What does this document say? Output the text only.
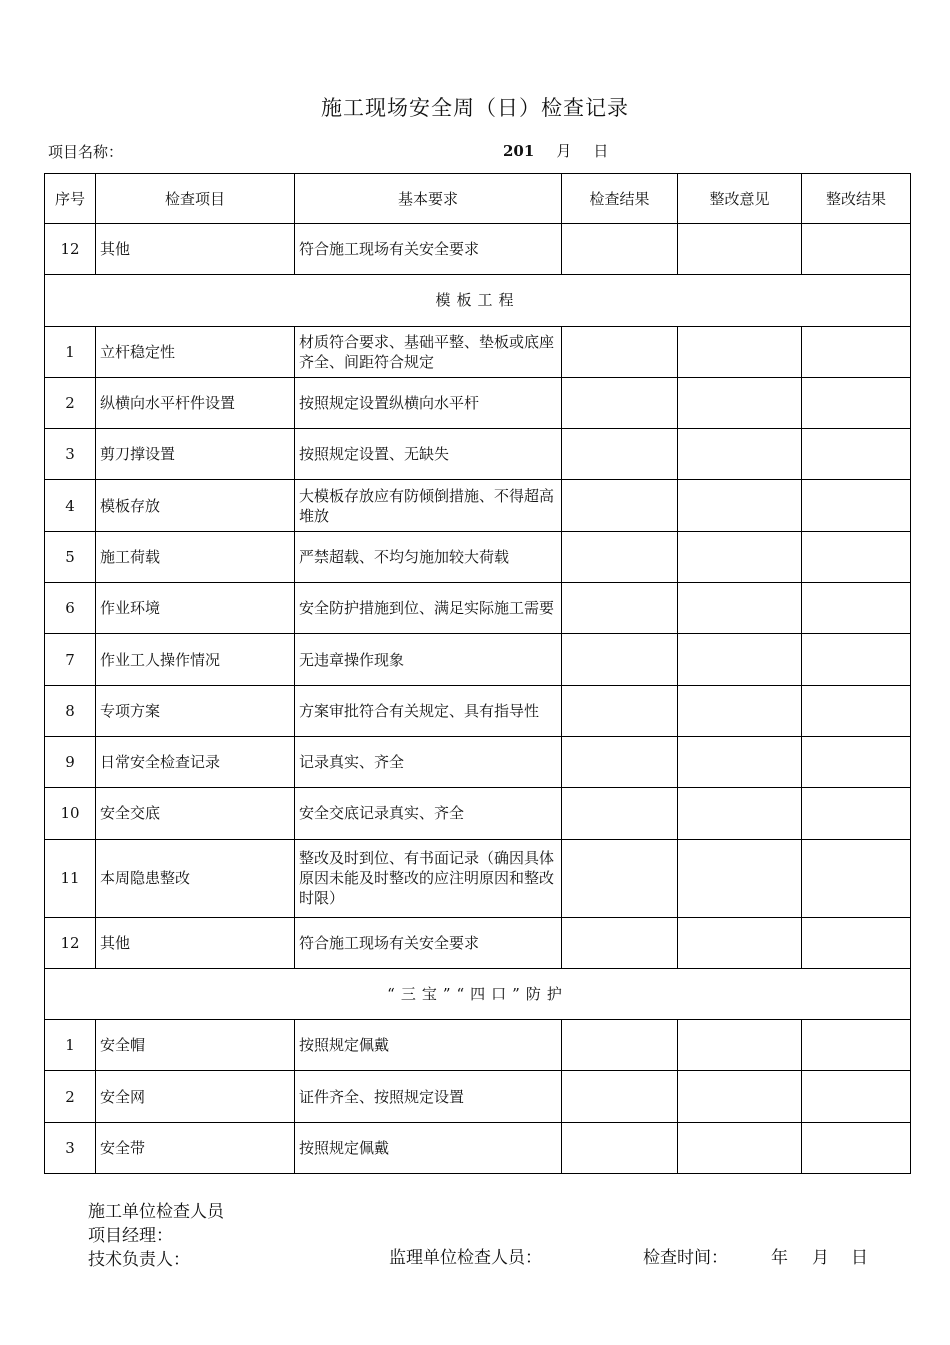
施工现场安全周（日）检查记录
项目名称：	201 月 日
序号	检查项目	基本要求	检查结果	整改意见	整改结果
12	其他	符合施工现场有关安全要求			
模板工程					
1	立杆稳定性	材质符合要求、基础平整、垫板或底座齐全、间距符合规定			
2	纵横向水平杆件设置	按照规定设置纵横向水平杆			
3	剪刀撑设置	按照规定设置、无缺失			
4	模板存放	大模板存放应有防倾倒措施、不得超高堆放			
5	施工荷载	严禁超载、不均匀施加较大荷载			
6	作业环境	安全防护措施到位、满足实际施工需要			
7	作业工人操作情况	无违章操作现象			
8	专项方案	方案审批符合有关规定、具有指导性			
9	日常安全检查记录	记录真实、齐全			
10	安全交底	安全交底记录真实、齐全			
11	本周隐患整改	整改及时到位、有书面记录（确因具体原因未能及时整改的应注明原因和整改时限）			
12	其他	符合施工现场有关安全要求			
“三宝”“四口”防护					
1	安全帽	按照规定佩戴			
2	安全网	证件齐全、按照规定设置			
3	安全带	按照规定佩戴			
施工单位检查人员
项目经理：
技术负责人：	监理单位检查人员：	检查时间：	年 月 日
